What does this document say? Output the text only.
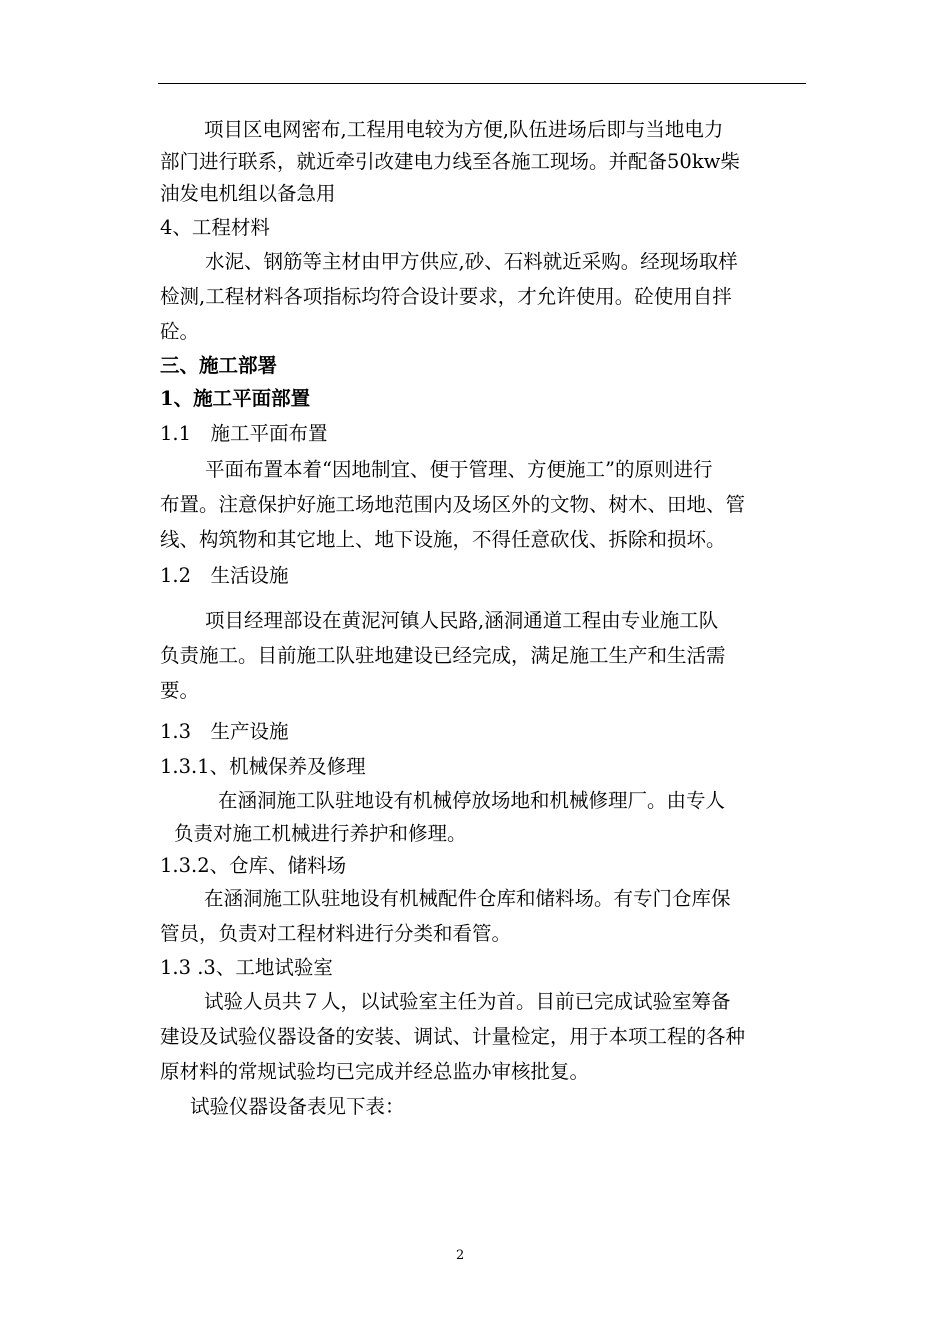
项目区电网密布,工程用电较为方便,队伍进场后即与当地电力
部门进行联系，就近牵引改建电力线至各施工现场。并配备50kw柴
油发电机组以备急用
4、工程材料
水泥、钢筋等主材由甲方供应,砂、石料就近采购。经现场取样
检测,工程材料各项指标均符合设计要求，才允许使用。砼使用自拌
砼。
三、施工部署
1、施工平面部置
1.1　施工平面布置
平面布置本着“因地制宜、便于管理、方便施工”的原则进行
布置。注意保护好施工场地范围内及场区外的文物、树木、田地、管
线、构筑物和其它地上、地下设施，不得任意砍伐、拆除和损坏。
1.2　生活设施
项目经理部设在黄泥河镇人民路,涵洞通道工程由专业施工队
负责施工。目前施工队驻地建设已经完成，满足施工生产和生活需
要。
1.3　生产设施
1.3.1、机械保养及修理
在涵洞施工队驻地设有机械停放场地和机械修理厂。由专人
负责对施工机械进行养护和修理。
1.3.2、仓库、储料场
在涵洞施工队驻地设有机械配件仓库和储料场。有专门仓库保
管员，负责对工程材料进行分类和看管。
1.3 .3、工地试验室
试验人员共７人，以试验室主任为首。目前已完成试验室筹备
建设及试验仪器设备的安装、调试、计量检定，用于本项工程的各种
原材料的常规试验均已完成并经总监办审核批复。
试验仪器设备表见下表：
2
